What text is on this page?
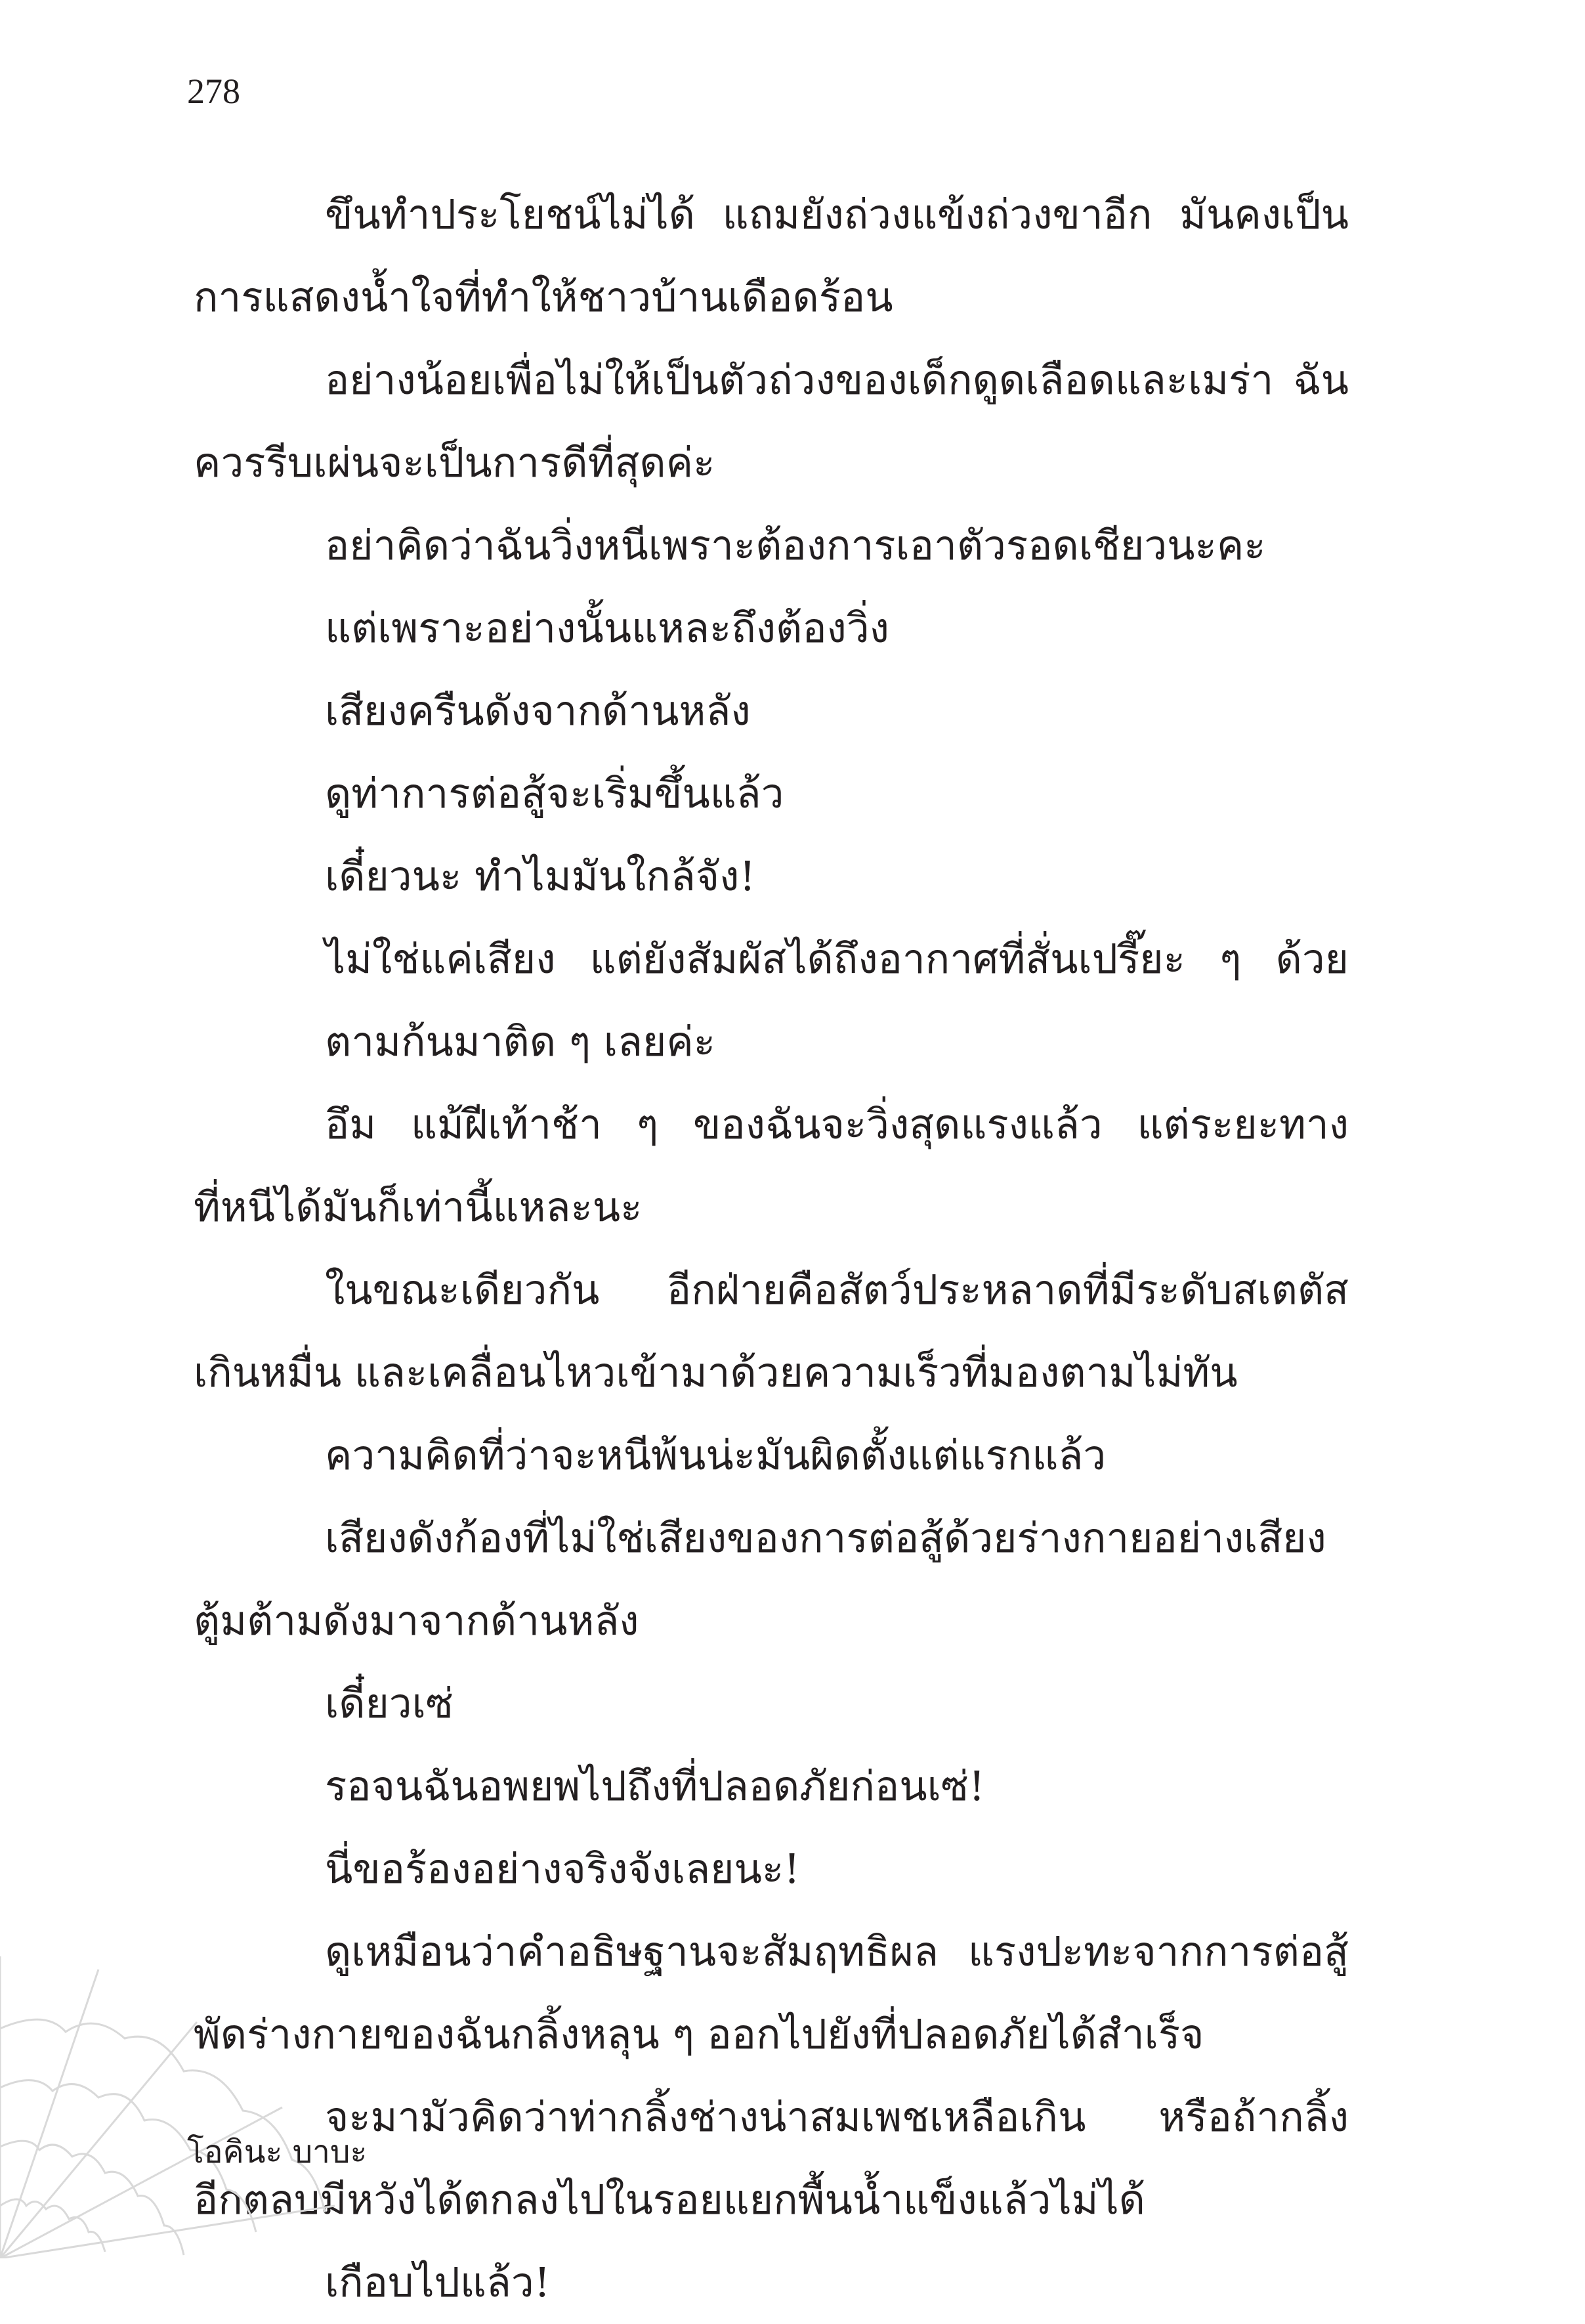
278
ขึนทำประโยชน์ไม่ได้ แถมยังถ่วงแข้งถ่วงขาอีก มันคงเป็น
การแสดงน้ำใจที่ทำให้ชาวบ้านเดือดร้อน
อย่างน้อยเพื่อไม่ให้เป็นตัวถ่วงของเด็กดูดเลือดและเมร่า ฉัน
ควรรีบเผ่นจะเป็นการดีที่สุดค่ะ
อย่าคิดว่าฉันวิ่งหนีเพราะต้องการเอาตัวรอดเชียวนะคะ
แต่เพราะอย่างนั้นแหละถึงต้องวิ่ง
เสียงครืนดังจากด้านหลัง
ดูท่าการต่อสู้จะเริ่มขึ้นแล้ว
เดี๋ยวนะ ทำไมมันใกล้จัง!
ไม่ใช่แค่เสียง แต่ยังสัมผัสได้ถึงอากาศที่สั่นเปรี๊ยะ ๆ ด้วย
ตามก้นมาติด ๆ เลยค่ะ
อึม แม้ฝีเท้าช้า ๆ ของฉันจะวิ่งสุดแรงแล้ว แต่ระยะทาง
ที่หนีได้มันก็เท่านี้แหละนะ
ในขณะเดียวกัน อีกฝ่ายคือสัตว์ประหลาดที่มีระดับสเตตัส
เกินหมื่น และเคลื่อนไหวเข้ามาด้วยความเร็วที่มองตามไม่ทัน
ความคิดที่ว่าจะหนีพ้นน่ะมันผิดตั้งแต่แรกแล้ว
เสียงดังก้องที่ไม่ใช่เสียงของการต่อสู้ด้วยร่างกายอย่างเสียง
ตู้มต้ามดังมาจากด้านหลัง
เดี๋ยวเซ่
รอจนฉันอพยพไปถึงที่ปลอดภัยก่อนเซ่!
นี่ขอร้องอย่างจริงจังเลยนะ!
ดูเหมือนว่าคำอธิษฐานจะสัมฤทธิผล แรงปะทะจากการต่อสู้
พัดร่างกายของฉันกลิ้งหลุน ๆ ออกไปยังที่ปลอดภัยได้สำเร็จ
จะมามัวคิดว่าท่ากลิ้งช่างน่าสมเพชเหลือเกิน หรือถ้ากลิ้ง
อีกตลบมีหวังได้ตกลงไปในรอยแยกพื้นน้ำแข็งแล้วไม่ได้
เกือบไปแล้ว!
โอคินะ บาบะ
